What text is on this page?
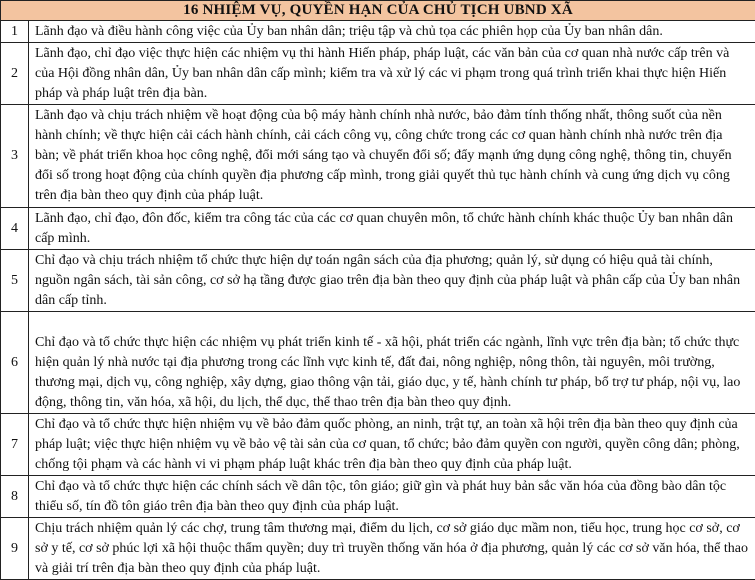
16 NHIỆM VỤ, QUYỀN HẠN CỦA CHỦ TỊCH UBND XÃ	
1	Lãnh đạo và điều hành công việc của Ủy ban nhân dân; triệu tập và chủ tọa các phiên họp của Ủy ban nhân dân.
2	Lãnh đạo, chỉ đạo việc thực hiện các nhiệm vụ thi hành Hiến pháp, pháp luật, các văn bản của cơ quan nhà nước cấp trên và của Hội đồng nhân dân, Ủy ban nhân dân cấp mình; kiểm tra và xử lý các vi phạm trong quá trình triển khai thực hiện Hiến pháp và pháp luật trên địa bàn.
3	Lãnh đạo và chịu trách nhiệm về hoạt động của bộ máy hành chính nhà nước, bảo đảm tính thống nhất, thông suốt của nền hành chính; về thực hiện cải cách hành chính, cải cách công vụ, công chức trong các cơ quan hành chính nhà nước trên địa bàn; về phát triển khoa học công nghệ, đổi mới sáng tạo và chuyển đổi số; đẩy mạnh ứng dụng công nghệ, thông tin, chuyển đổi số trong hoạt động của chính quyền địa phương cấp mình, trong giải quyết thủ tục hành chính và cung ứng dịch vụ công trên địa bàn theo quy định của pháp luật.
4	Lãnh đạo, chỉ đạo, đôn đốc, kiểm tra công tác của các cơ quan chuyên môn, tổ chức hành chính khác thuộc Ủy ban nhân dân cấp mình.
5	Chỉ đạo và chịu trách nhiệm tổ chức thực hiện dự toán ngân sách của địa phương; quản lý, sử dụng có hiệu quả tài chính, nguồn ngân sách, tài sản công, cơ sở hạ tầng được giao trên địa bàn theo quy định của pháp luật và phân cấp của Ủy ban nhân dân cấp tỉnh.
6	Chỉ đạo và tổ chức thực hiện các nhiệm vụ phát triển kinh tế - xã hội, phát triển các ngành, lĩnh vực trên địa bàn; tổ chức thực hiện quản lý nhà nước tại địa phương trong các lĩnh vực kinh tế, đất đai, nông nghiệp, nông thôn, tài nguyên, môi trường, thương mại, dịch vụ, công nghiệp, xây dựng, giao thông vận tải, giáo dục, y tế, hành chính tư pháp, bổ trợ tư pháp, nội vụ, lao động, thông tin, văn hóa, xã hội, du lịch, thể dục, thể thao trên địa bàn theo quy định.
7	Chỉ đạo và tổ chức thực hiện nhiệm vụ về bảo đảm quốc phòng, an ninh, trật tự, an toàn xã hội trên địa bàn theo quy định của pháp luật; việc thực hiện nhiệm vụ về bảo vệ tài sản của cơ quan, tổ chức; bảo đảm quyền con người, quyền công dân; phòng, chống tội phạm và các hành vi vi phạm pháp luật khác trên địa bàn theo quy định của pháp luật.
8	Chỉ đạo và tổ chức thực hiện các chính sách về dân tộc, tôn giáo; giữ gìn và phát huy bản sắc văn hóa của đồng bào dân tộc thiểu số, tín đồ tôn giáo trên địa bàn theo quy định của pháp luật.
9	Chịu trách nhiệm quản lý các chợ, trung tâm thương mại, điểm du lịch, cơ sở giáo dục mầm non, tiểu học, trung học cơ sở, cơ sở y tế, cơ sở phúc lợi xã hội thuộc thẩm quyền; duy trì truyền thống văn hóa ở địa phương, quản lý các cơ sở văn hóa, thể thao và giải trí trên địa bàn theo quy định của pháp luật.
